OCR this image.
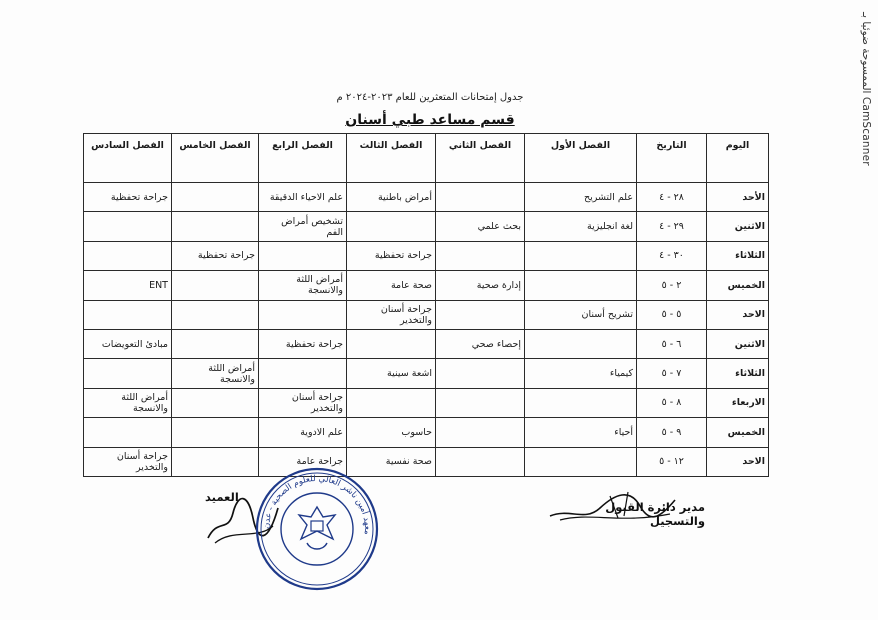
الممسوحة ضوئيا بـ CamScanner
جدول إمتحانات المتعثرين للعام ٢٠٢٣-٢٠٢٤ م
قسم مساعد طبي أسنان
اليوم	التاريخ	الفصل الأول	الفصل الثاني	الفصل الثالث	الفصل الرابع	الفصل الخامس	الفصل السادس
الأحد	٢٨ - ٤	علم التشريح		أمراض باطنية	علم الاحياء الدقيقة		جراحة تحفظية
الاثنين	٢٩ - ٤	لغة انجليزية	بحث علمي		تشخيص أمراض الفم		
الثلاثاء	٣٠ - ٤			جراحة تحفظية		جراحة تحفظية	
الخميس	٢ - ٥		إدارة صحية	صحة عامة	أمراض اللثة والانسجة		ENT
الاحد	٥ - ٥	تشريح أسنان		جراحة أسنان والتخدير			
الاثنين	٦ - ٥		إحصاء صحي		جراحة تحفظية		مبادئ التعويضات
الثلاثاء	٧ - ٥	كيمياء		اشعة سينية		أمراض اللثة والانسجة	
الاربعاء	٨ - ٥				جراحة أسنان والتخدير		أمراض اللثة والانسجة
الخميس	٩ - ٥	أحياء		حاسوب	علم الادوية		
الاحد	١٢ - ٥			صحة نفسية	جراحة عامة		جراحة أسنان والتخدير
مدير دائرة القبول والتسجيل
العميد
معهد أمين ناشر العالي للعلوم الصحية - عدن
